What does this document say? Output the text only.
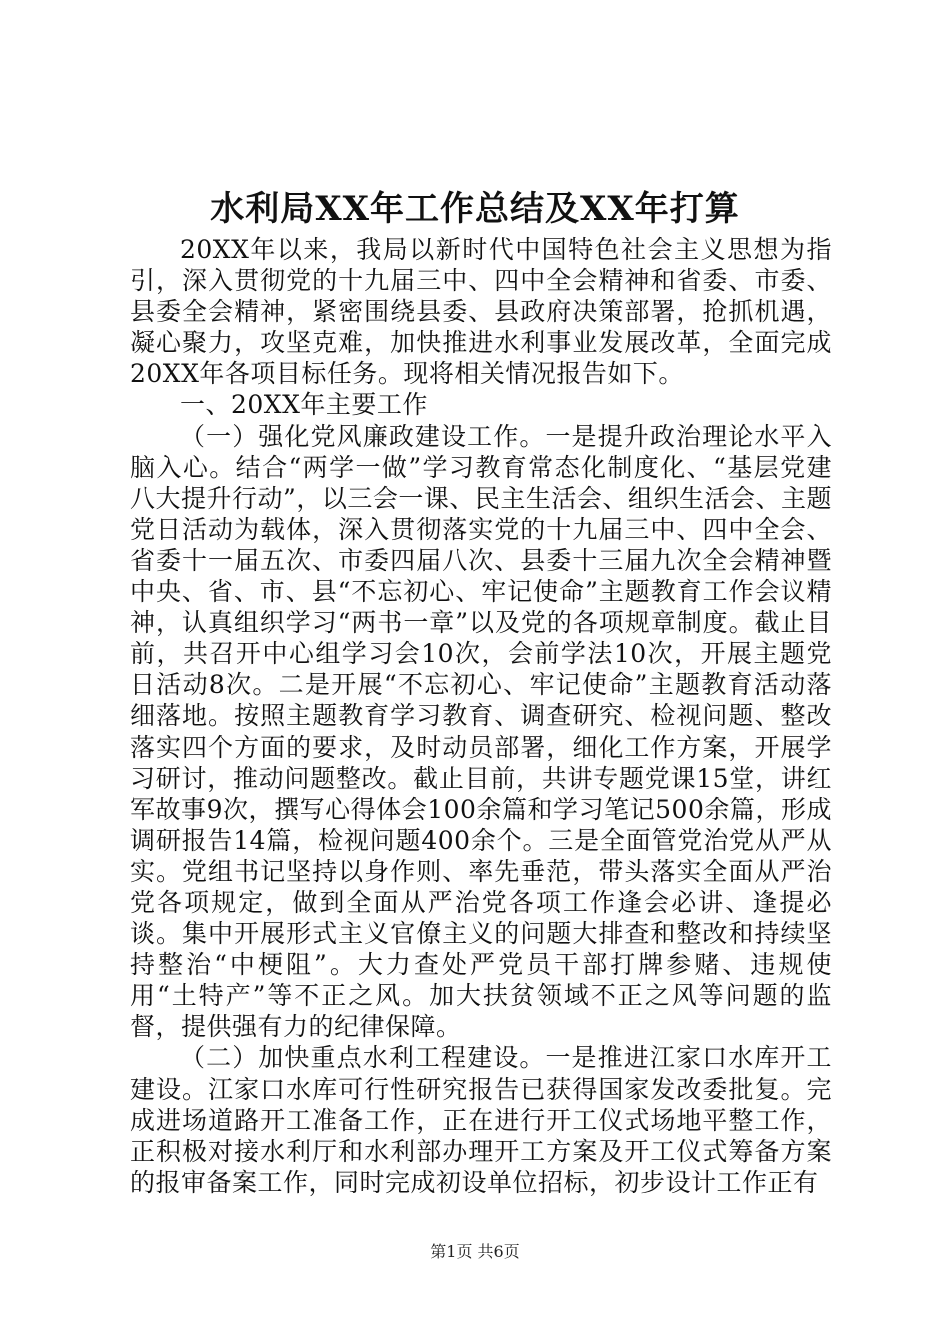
水利局XX年工作总结及XX年打算

20XX年以来，我局以新时代中国特色社会主义思想为指引，深入贯彻党的十九届三中、四中全会精神和省委、市委、县委全会精神，紧密围绕县委、县政府决策部署，抢抓机遇，凝心聚力，攻坚克难，加快推进水利事业发展改革，全面完成20XX年各项目标任务。现将相关情况报告如下。

一、20XX年主要工作

（一）强化党风廉政建设工作。一是提升政治理论水平入脑入心。结合“两学一做”学习教育常态化制度化、“基层党建八大提升行动”，以三会一课、民主生活会、组织生活会、主题党日活动为载体，深入贯彻落实党的十九届三中、四中全会、省委十一届五次、市委四届八次、县委十三届九次全会精神暨中央、省、市、县“不忘初心、牢记使命”主题教育工作会议精神，认真组织学习“两书一章”以及党的各项规章制度。截止目前，共召开中心组学习会10次，会前学法10次，开展主题党日活动8次。二是开展“不忘初心、牢记使命”主题教育活动落细落地。按照主题教育学习教育、调查研究、检视问题、整改落实四个方面的要求，及时动员部署，细化工作方案，开展学习研讨，推动问题整改。截止目前，共讲专题党课15堂，讲红军故事9次，撰写心得体会100余篇和学习笔记500余篇，形成调研报告14篇，检视问题400余个。三是全面管党治党从严从实。党组书记坚持以身作则、率先垂范，带头落实全面从严治党各项规定，做到全面从严治党各项工作逢会必讲、逢提必谈。集中开展形式主义官僚主义的问题大排查和整改和持续坚持整治“中梗阻”。大力查处严党员干部打牌参赌、违规使用“土特产”等不正之风。加大扶贫领域不正之风等问题的监督，提供强有力的纪律保障。

（二）加快重点水利工程建设。一是推进江家口水库开工建设。江家口水库可行性研究报告已获得国家发改委批复。完成进场道路开工准备工作，正在进行开工仪式场地平整工作，正积极对接水利厅和水利部办理开工方案及开工仪式筹备方案的报审备案工作，同时完成初设单位招标，初步设计工作正有

第1页 共6页
